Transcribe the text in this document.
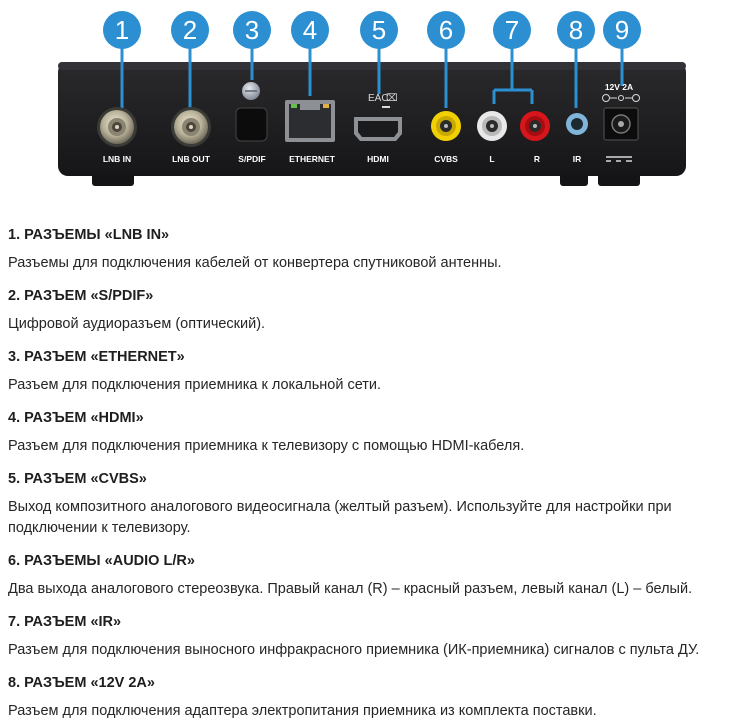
1 2 3 4 5 6 7 8 9
EAC
⌧
LNB IN	LNB OUT	S/PDIF	ETHERNET	HDMI	CVBS	L	R	IR
12V 2A

1. РАЗЪЕМЫ «LNB IN»

Разъемы для подключения кабелей от конвертера спутниковой антенны.

2. РАЗЪЕМ «S/PDIF»

Цифровой аудиоразъем (оптический).

3. РАЗЪЕМ «ETHERNET»

Разъем для подключения приемника к локальной сети.

4. РАЗЪЕМ «HDMI»

Разъем для подключения приемника к телевизору с помощью HDMI-кабеля.

5. РАЗЪЕМ «CVBS»

Выход композитного аналогового видеосигнала (желтый разъем). Используйте для настройки при подключении к телевизору.

6. РАЗЪЕМЫ «AUDIO L/R»

Два выхода аналогового стереозвука. Правый канал (R) – красный разъем, левый канал (L) – белый.

7. РАЗЪЕМ «IR»

Разъем для подключения выносного инфракрасного приемника (ИК-приемника) сигналов с пульта ДУ.

8. РАЗЪЕМ «12V 2A»

Разъем для подключения адаптера электропитания приемника из комплекта поставки.
